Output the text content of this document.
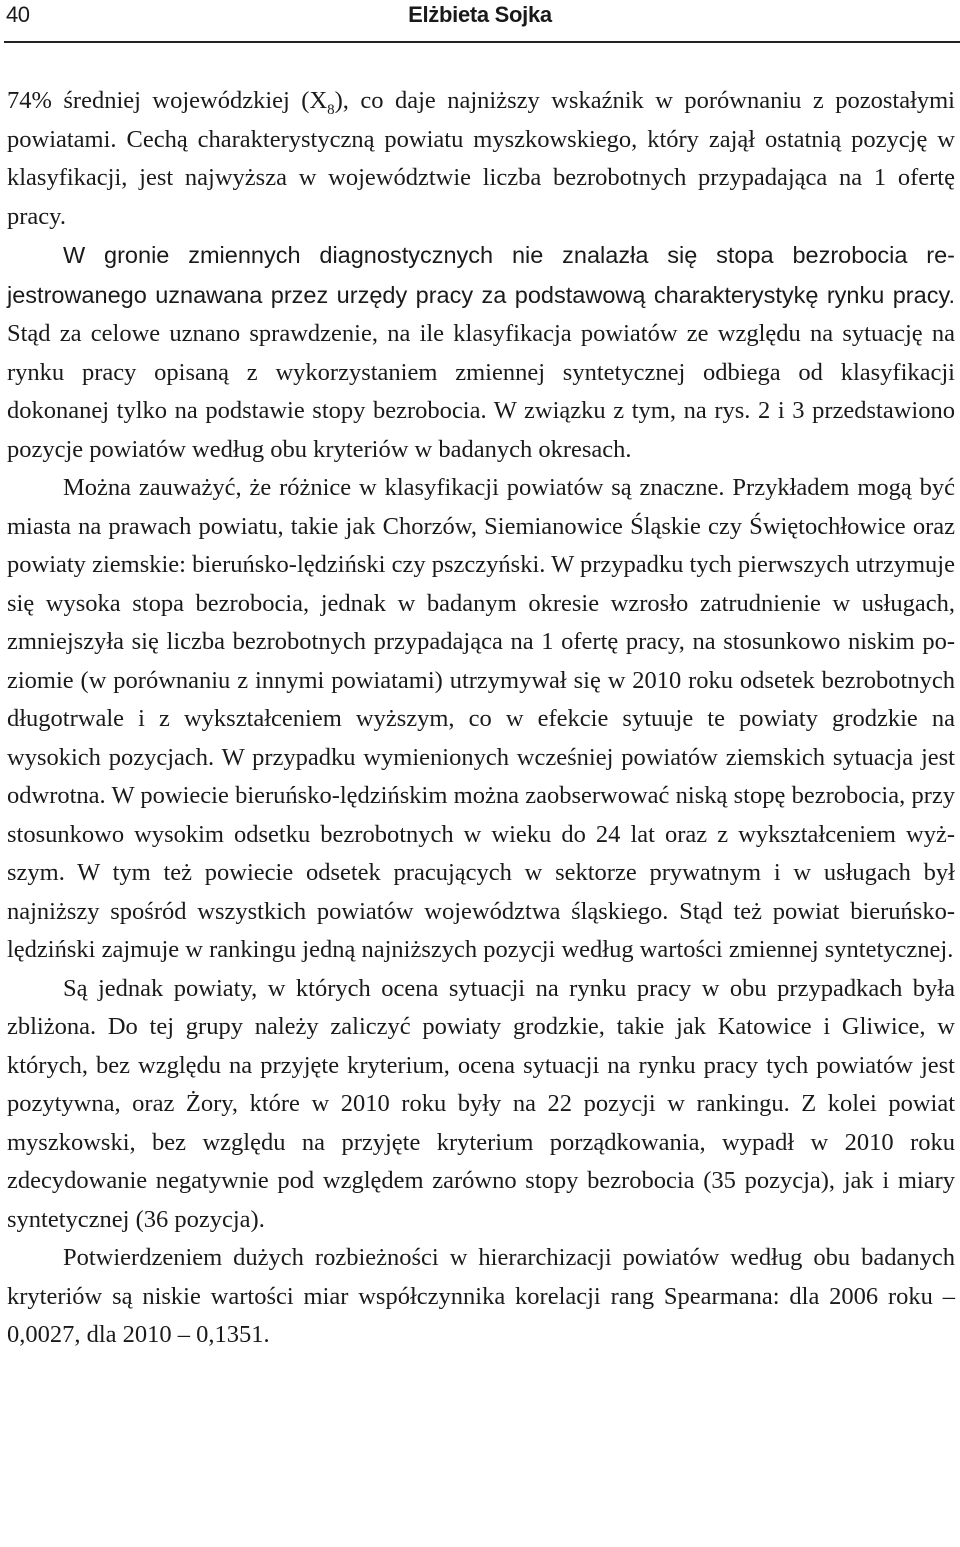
40	Elżbieta Sojka

74% średniej wojewódzkiej $(X_8)$, co daje najniższy wskaźnik w porównaniu z pozostałymi powiatami. Cechą charakterystyczną powiatu myszkowskiego, który zajął ostatnią pozycję w klasyfikacji, jest najwyższa w województwie liczba bezrobotnych przypadająca na 1 ofertę pracy.

W gronie zmiennych diagnostycznych nie znalazła się stopa bezrobocia rejestrowanego uznawana przez urzędy pracy za podstawową charakterystykę rynku pracy. Stąd za celowe uznano sprawdzenie, na ile klasyfikacja powiatów ze względu na sytuację na rynku pracy opisaną z wykorzystaniem zmiennej syntetycznej odbiega od klasyfikacji dokonanej tylko na podstawie stopy bezrobocia. W związku z tym, na rys. 2 i 3 przedstawiono pozycje powiatów według obu kryteriów w badanych okresach.

Można zauważyć, że różnice w klasyfikacji powiatów są znaczne. Przykładem mogą być miasta na prawach powiatu, takie jak Chorzów, Siemianowice Śląskie czy Świętochłowice oraz powiaty ziemskie: bieruńsko-lędziński czy pszczyński. W przypadku tych pierwszych utrzymuje się wysoka stopa bezrobocia, jednak w badanym okresie wzrosło zatrudnienie w usługach, zmniejszyła się liczba bezrobotnych przypadająca na 1 ofertę pracy, na stosunkowo niskim poziomie (w porównaniu z innymi powiatami) utrzymywał się w 2010 roku odsetek bezrobotnych długotrwale i z wykształceniem wyższym, co w efekcie sytuuje te powiaty grodzkie na wysokich pozycjach. W przypadku wymienionych wcześniej powiatów ziemskich sytuacja jest odwrotna. W powiecie bieruńsko-lędzińskim można zaobserwować niską stopę bezrobocia, przy stosunkowo wysokim odsetku bezrobotnych w wieku do 24 lat oraz z wykształceniem wyższym. W tym też powiecie odsetek pracujących w sektorze prywatnym i w usługach był najniższy spośród wszystkich powiatów województwa śląskiego. Stąd też powiat bieruńsko-lędziński zajmuje w rankingu jedną najniższych pozycji według wartości zmiennej syntetycznej.

Są jednak powiaty, w których ocena sytuacji na rynku pracy w obu przypadkach była zbliżona. Do tej grupy należy zaliczyć powiaty grodzkie, takie jak Katowice i Gliwice, w których, bez względu na przyjęte kryterium, ocena sytuacji na rynku pracy tych powiatów jest pozytywna, oraz Żory, które w 2010 roku były na 22 pozycji w rankingu. Z kolei powiat myszkowski, bez względu na przyjęte kryterium porządkowania, wypadł w 2010 roku zdecydowanie negatywnie pod względem zarówno stopy bezrobocia (35 pozycja), jak i miary syntetycznej (36 pozycja).

Potwierdzeniem dużych rozbieżności w hierarchizacji powiatów według obu badanych kryteriów są niskie wartości miar współczynnika korelacji rang Spearmana: dla 2006 roku – 0,0027, dla 2010 – 0,1351.
